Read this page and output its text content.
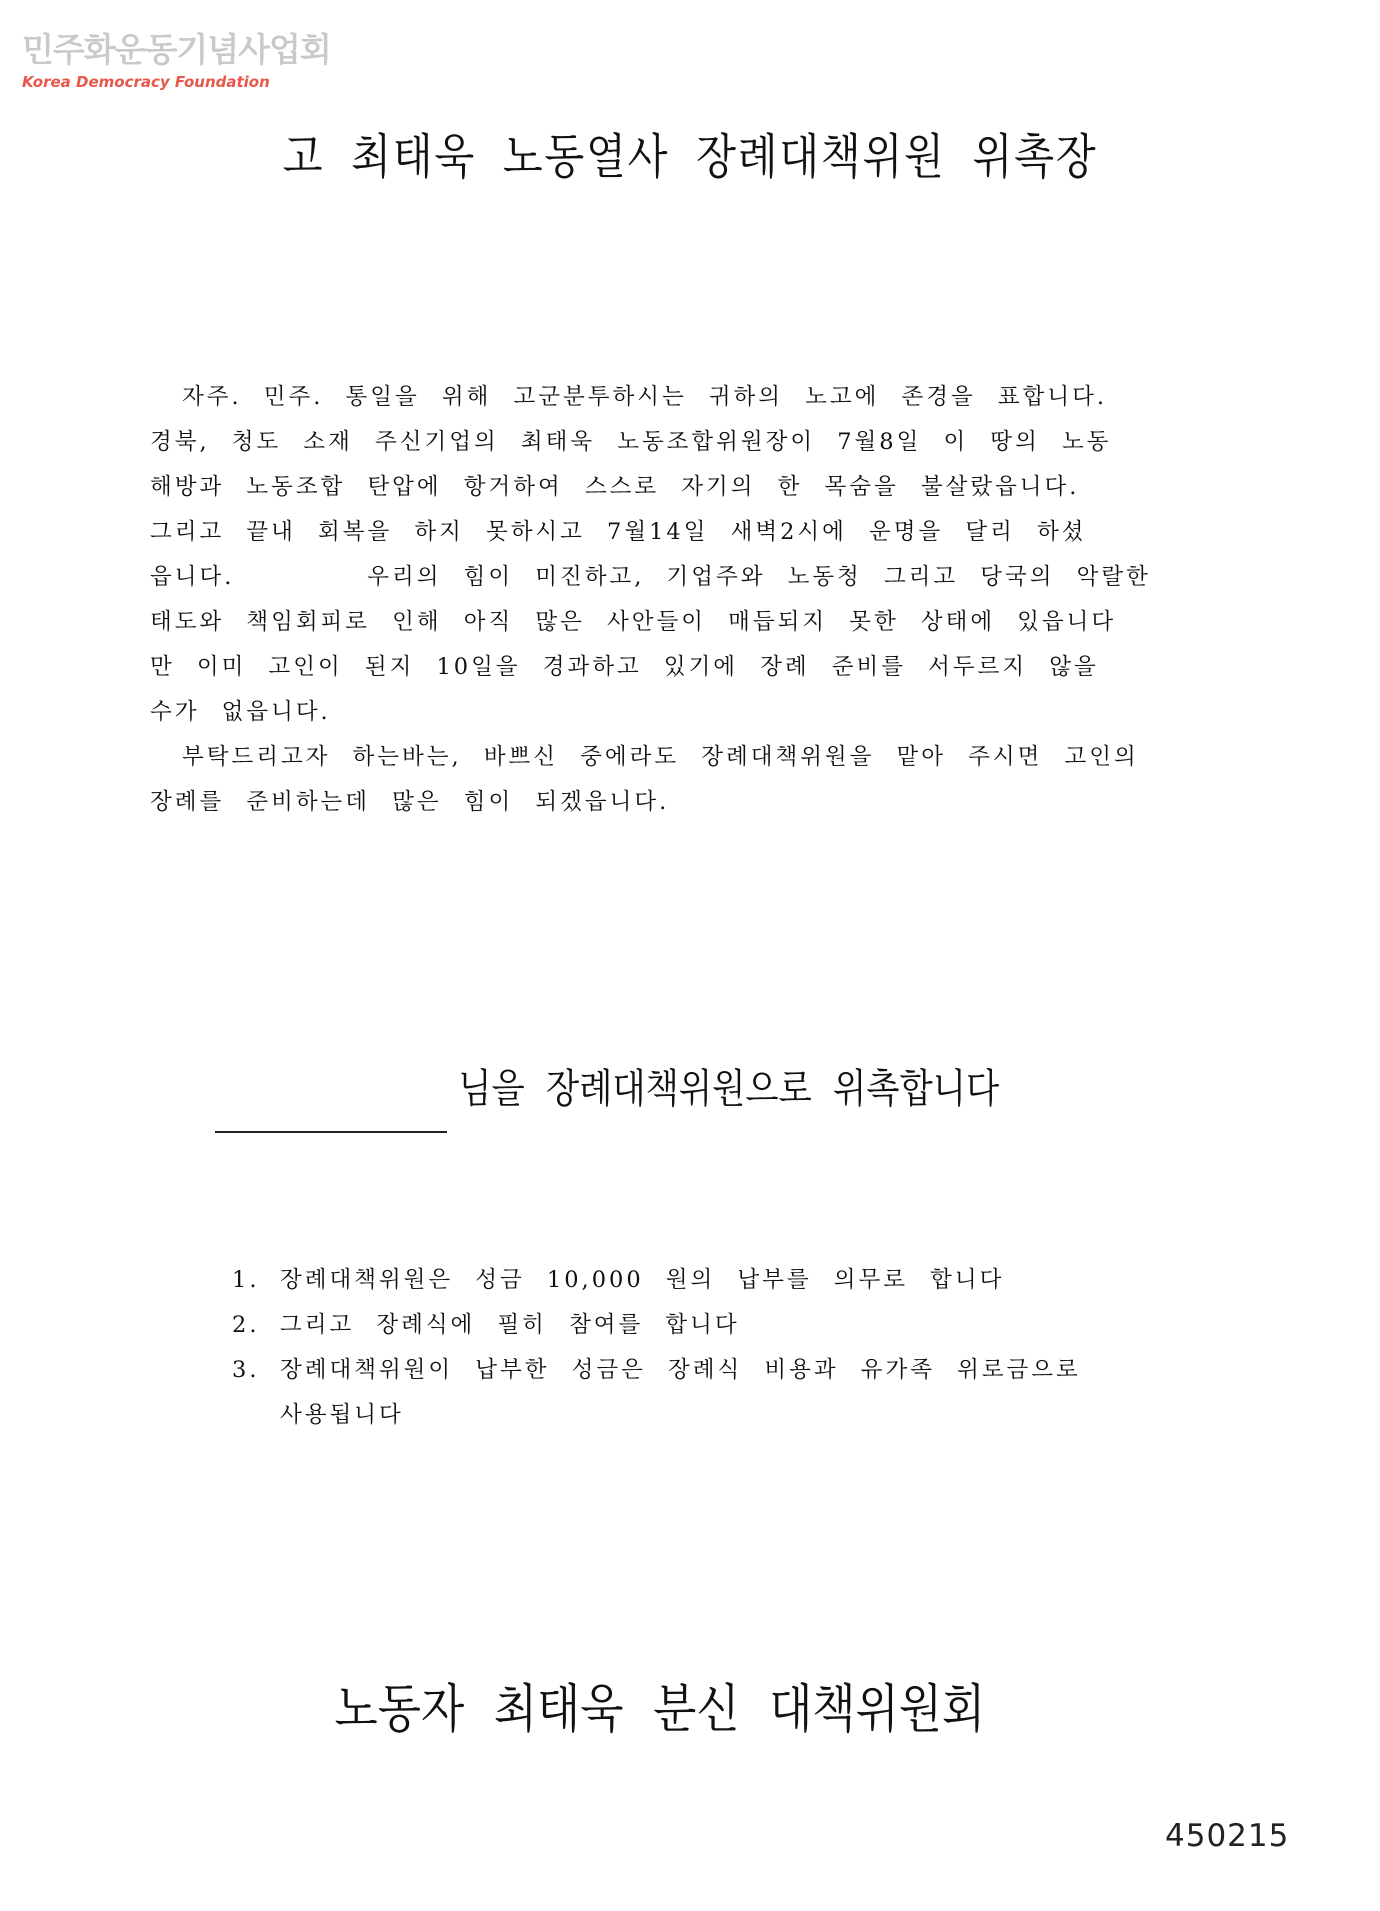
민주화운동기념사업회
Korea Democracy Foundation
고 최태욱 노동열사 장례대책위원 위촉장
자주. 민주. 통일을 위해 고군분투하시는 귀하의 노고에 존경을 표합니다.
경북, 청도 소재 주신기업의 최태욱 노동조합위원장이 7월8일 이 땅의 노동
해방과 노동조합 탄압에 항거하여 스스로 자기의 한 목숨을 불살랐읍니다.
그리고 끝내 회복을 하지 못하시고 7월14일 새벽2시에 운명을 달리 하셨
읍니다.      우리의 힘이 미진하고, 기업주와 노동청 그리고 당국의 악랄한
태도와 책임회피로 인해 아직 많은 사안들이 매듭되지 못한 상태에 있읍니다
만 이미 고인이 된지 10일을 경과하고 있기에 장례 준비를 서두르지 않을
수가 없읍니다.
부탁드리고자 하는바는, 바쁘신 중에라도 장례대책위원을 맡아 주시면 고인의
장례를 준비하는데 많은 힘이 되겠읍니다.
님을 장례대책위원으로 위촉합니다
1. 장례대책위원은 성금 10,000 원의 납부를 의무로 합니다
2. 그리고 장례식에 필히 참여를 합니다
3. 장례대책위원이 납부한 성금은 장례식 비용과 유가족 위로금으로
사용됩니다
노동자 최태욱 분신 대책위원회
450215
